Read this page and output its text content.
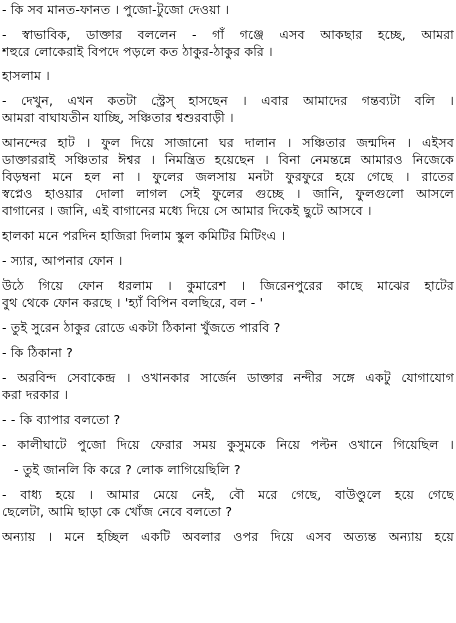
- কি সব মানত-ফানত । পুজো-টুজো দেওয়া ।
- স্বাভাবিক, ডাক্তার বললেন - গাঁ গঞ্জে এসব আকছার হচ্ছে, আমরা
শহুরে লোকেরাই বিপদে পড়লে কত ঠাকুর-ঠাকুর করি ।
হাসলাম ।
- দেখুন, এখন কতটা স্ট্রেস্ হাসছেন । এবার আমাদের গন্তব্যটা বলি ।
আমরা বাঘাযতীন যাচ্ছি, সঞ্চিতার শ্বশুরবাড়ী ।
আনন্দের হাট । ফুল দিয়ে সাজানো ঘর দালান । সঞ্চিতার জন্মদিন । এইসব
ডাক্তাররাই সঞ্চিতার ঈশ্বর । নিমন্ত্রিত হয়েছেন । বিনা নেমন্তন্নে আমারও নিজেকে
বিড়ম্বনা মনে হল না । ফুলের জলসায় মনটা ফুরফুরে হয়ে গেছে । রাতের
স্বপ্নেও হাওয়ার দোলা লাগল সেই ফুলের গুচ্ছে । জানি, ফুলগুলো আসলে
বাগানের । জানি, এই বাগানের মধ্যে দিয়ে সে আমার দিকেই ছুটে আসবে ।
হালকা মনে পরদিন হাজিরা দিলাম স্কুল কমিটির মিটিংএ ।
- স্যার, আপনার ফোন ।
উঠে গিয়ে ফোন ধরলাম । কুমারেশ । জিরেনপুরের কাছে মাঝের হাটের
বুথ থেকে ফোন করছে । 'হ্যাঁ বিপিন বলছিরে, বল - '
- তুই সুরেন ঠাকুর রোডে একটা ঠিকানা খুঁজতে পারবি ?
- কি ঠিকানা ?
- অরবিন্দ সেবাকেন্দ্র । ওখানকার সার্জেন ডাক্তার নন্দীর সঙ্গে একটু যোগাযোগ
করা দরকার ।
- - কি ব্যাপার বলতো ?
- কালীঘাটে পুজো দিয়ে ফেরার সময় কুসুমকে নিয়ে পল্টন ওখানে গিয়েছিল ।
- তুই জানলি কি করে ? লোক লাগিয়েছিলি ?
- বাধ্য হয়ে । আমার মেয়ে নেই, বৌ মরে গেছে, বাউণ্ডুলে হয়ে গেছে
ছেলেটা, আমি ছাড়া কে খোঁজ নেবে বলতো ?
অন্যায় । মনে হচ্ছিল একটি অবলার ওপর দিয়ে এসব অত্যন্ত অন্যায় হয়ে
